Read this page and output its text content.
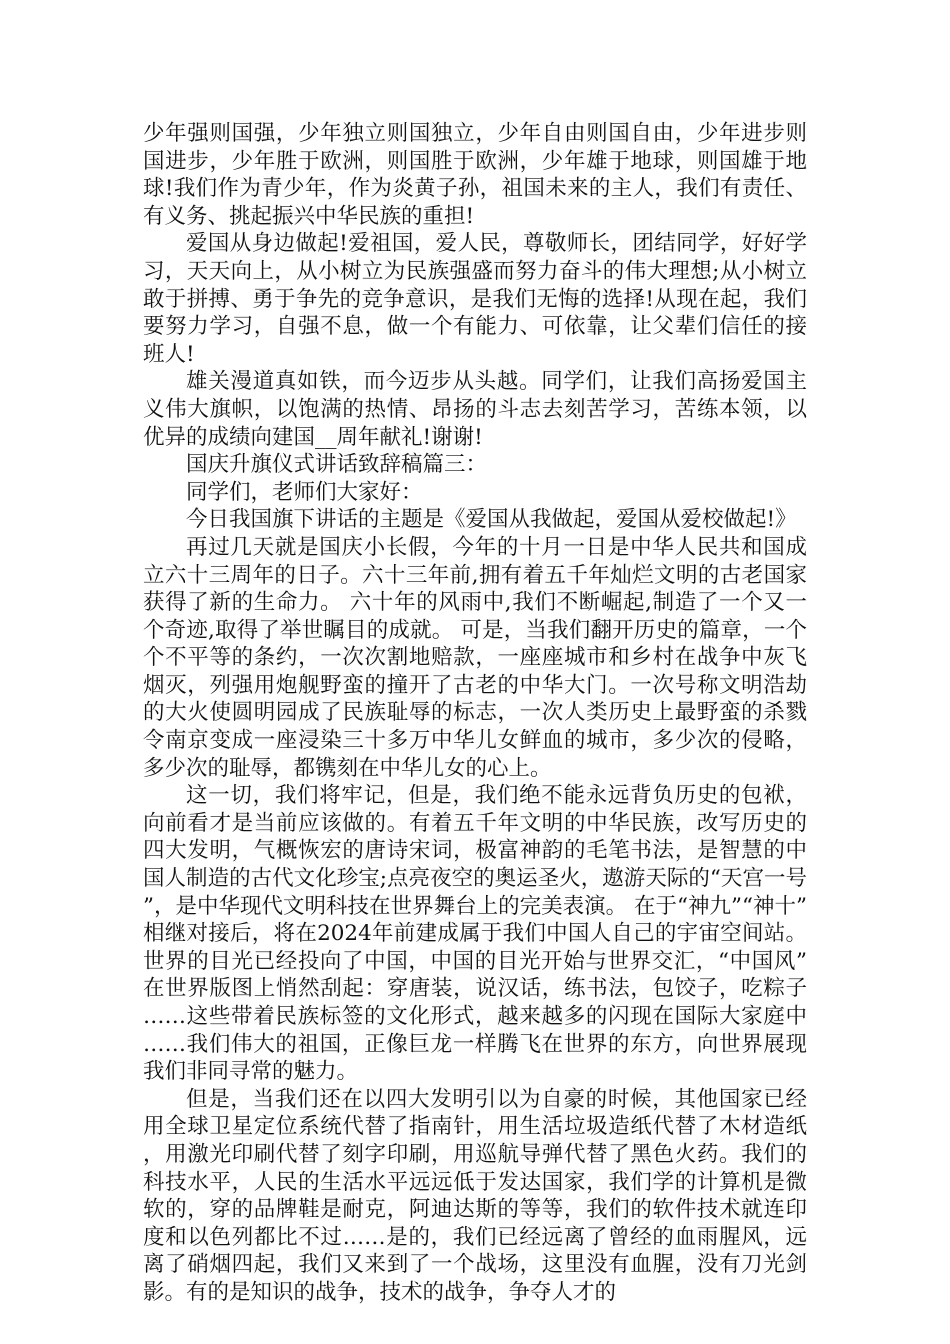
少年强则国强，少年独立则国独立，少年自由则国自由，少年进步则国进步，少年胜于欧洲，则国胜于欧洲，少年雄于地球，则国雄于地球!我们作为青少年，作为炎黄子孙，祖国未来的主人，我们有责任、有义务、挑起振兴中华民族的重担!

爱国从身边做起!爱祖国，爱人民，尊敬师长，团结同学，好好学习，天天向上，从小树立为民族强盛而努力奋斗的伟大理想;从小树立敢于拼搏、勇于争先的竞争意识，是我们无悔的选择!从现在起，我们要努力学习，自强不息，做一个有能力、可依靠，让父辈们信任的接班人!

雄关漫道真如铁，而今迈步从头越。同学们，让我们高扬爱国主义伟大旗帜，以饱满的热情、昂扬的斗志去刻苦学习，苦练本领，以优异的成绩向建国__周年献礼!谢谢!

国庆升旗仪式讲话致辞稿篇三：

同学们，老师们大家好：

今日我国旗下讲话的主题是《爱国从我做起，爱国从爱校做起!》

再过几天就是国庆小长假，今年的十月一日是中华人民共和国成立六十三周年的日子。六十三年前,拥有着五千年灿烂文明的古老国家获得了新的生命力。 六十年的风雨中,我们不断崛起,制造了一个又一个奇迹,取得了举世瞩目的成就。 可是，当我们翻开历史的篇章，一个个不平等的条约，一次次割地赔款，一座座城市和乡村在战争中灰飞烟灭，列强用炮舰野蛮的撞开了古老的中华大门。一次号称文明浩劫的大火使圆明园成了民族耻辱的标志，一次人类历史上最野蛮的杀戮令南京变成一座浸染三十多万中华儿女鲜血的城市，多少次的侵略，多少次的耻辱，都镌刻在中华儿女的心上。

这一切，我们将牢记，但是，我们绝不能永远背负历史的包袱，向前看才是当前应该做的。有着五千年文明的中华民族，改写历史的四大发明，气概恢宏的唐诗宋词，极富神韵的毛笔书法，是智慧的中国人制造的古代文化珍宝;点亮夜空的奥运圣火，遨游天际的“天宫一号”，是中华现代文明科技在世界舞台上的完美表演。 在于“神九”“神十”相继对接后，将在2024年前建成属于我们中国人自己的宇宙空间站。世界的目光已经投向了中国，中国的目光开始与世界交汇，“中国风”在世界版图上悄然刮起：穿唐装，说汉话，练书法，包饺子，吃粽子……这些带着民族标签的文化形式，越来越多的闪现在国际大家庭中……我们伟大的祖国，正像巨龙一样腾飞在世界的东方，向世界展现我们非同寻常的魅力。

但是，当我们还在以四大发明引以为自豪的时候，其他国家已经用全球卫星定位系统代替了指南针，用生活垃圾造纸代替了木材造纸，用激光印刷代替了刻字印刷，用巡航导弹代替了黑色火药。我们的科技水平，人民的生活水平远远低于发达国家，我们学的计算机是微软的，穿的品牌鞋是耐克，阿迪达斯的等等，我们的软件技术就连印度和以色列都比不过……是的，我们已经远离了曾经的血雨腥风，远离了硝烟四起，我们又来到了一个战场，这里没有血腥，没有刀光剑影。有的是知识的战争，技术的战争，争夺人才的
